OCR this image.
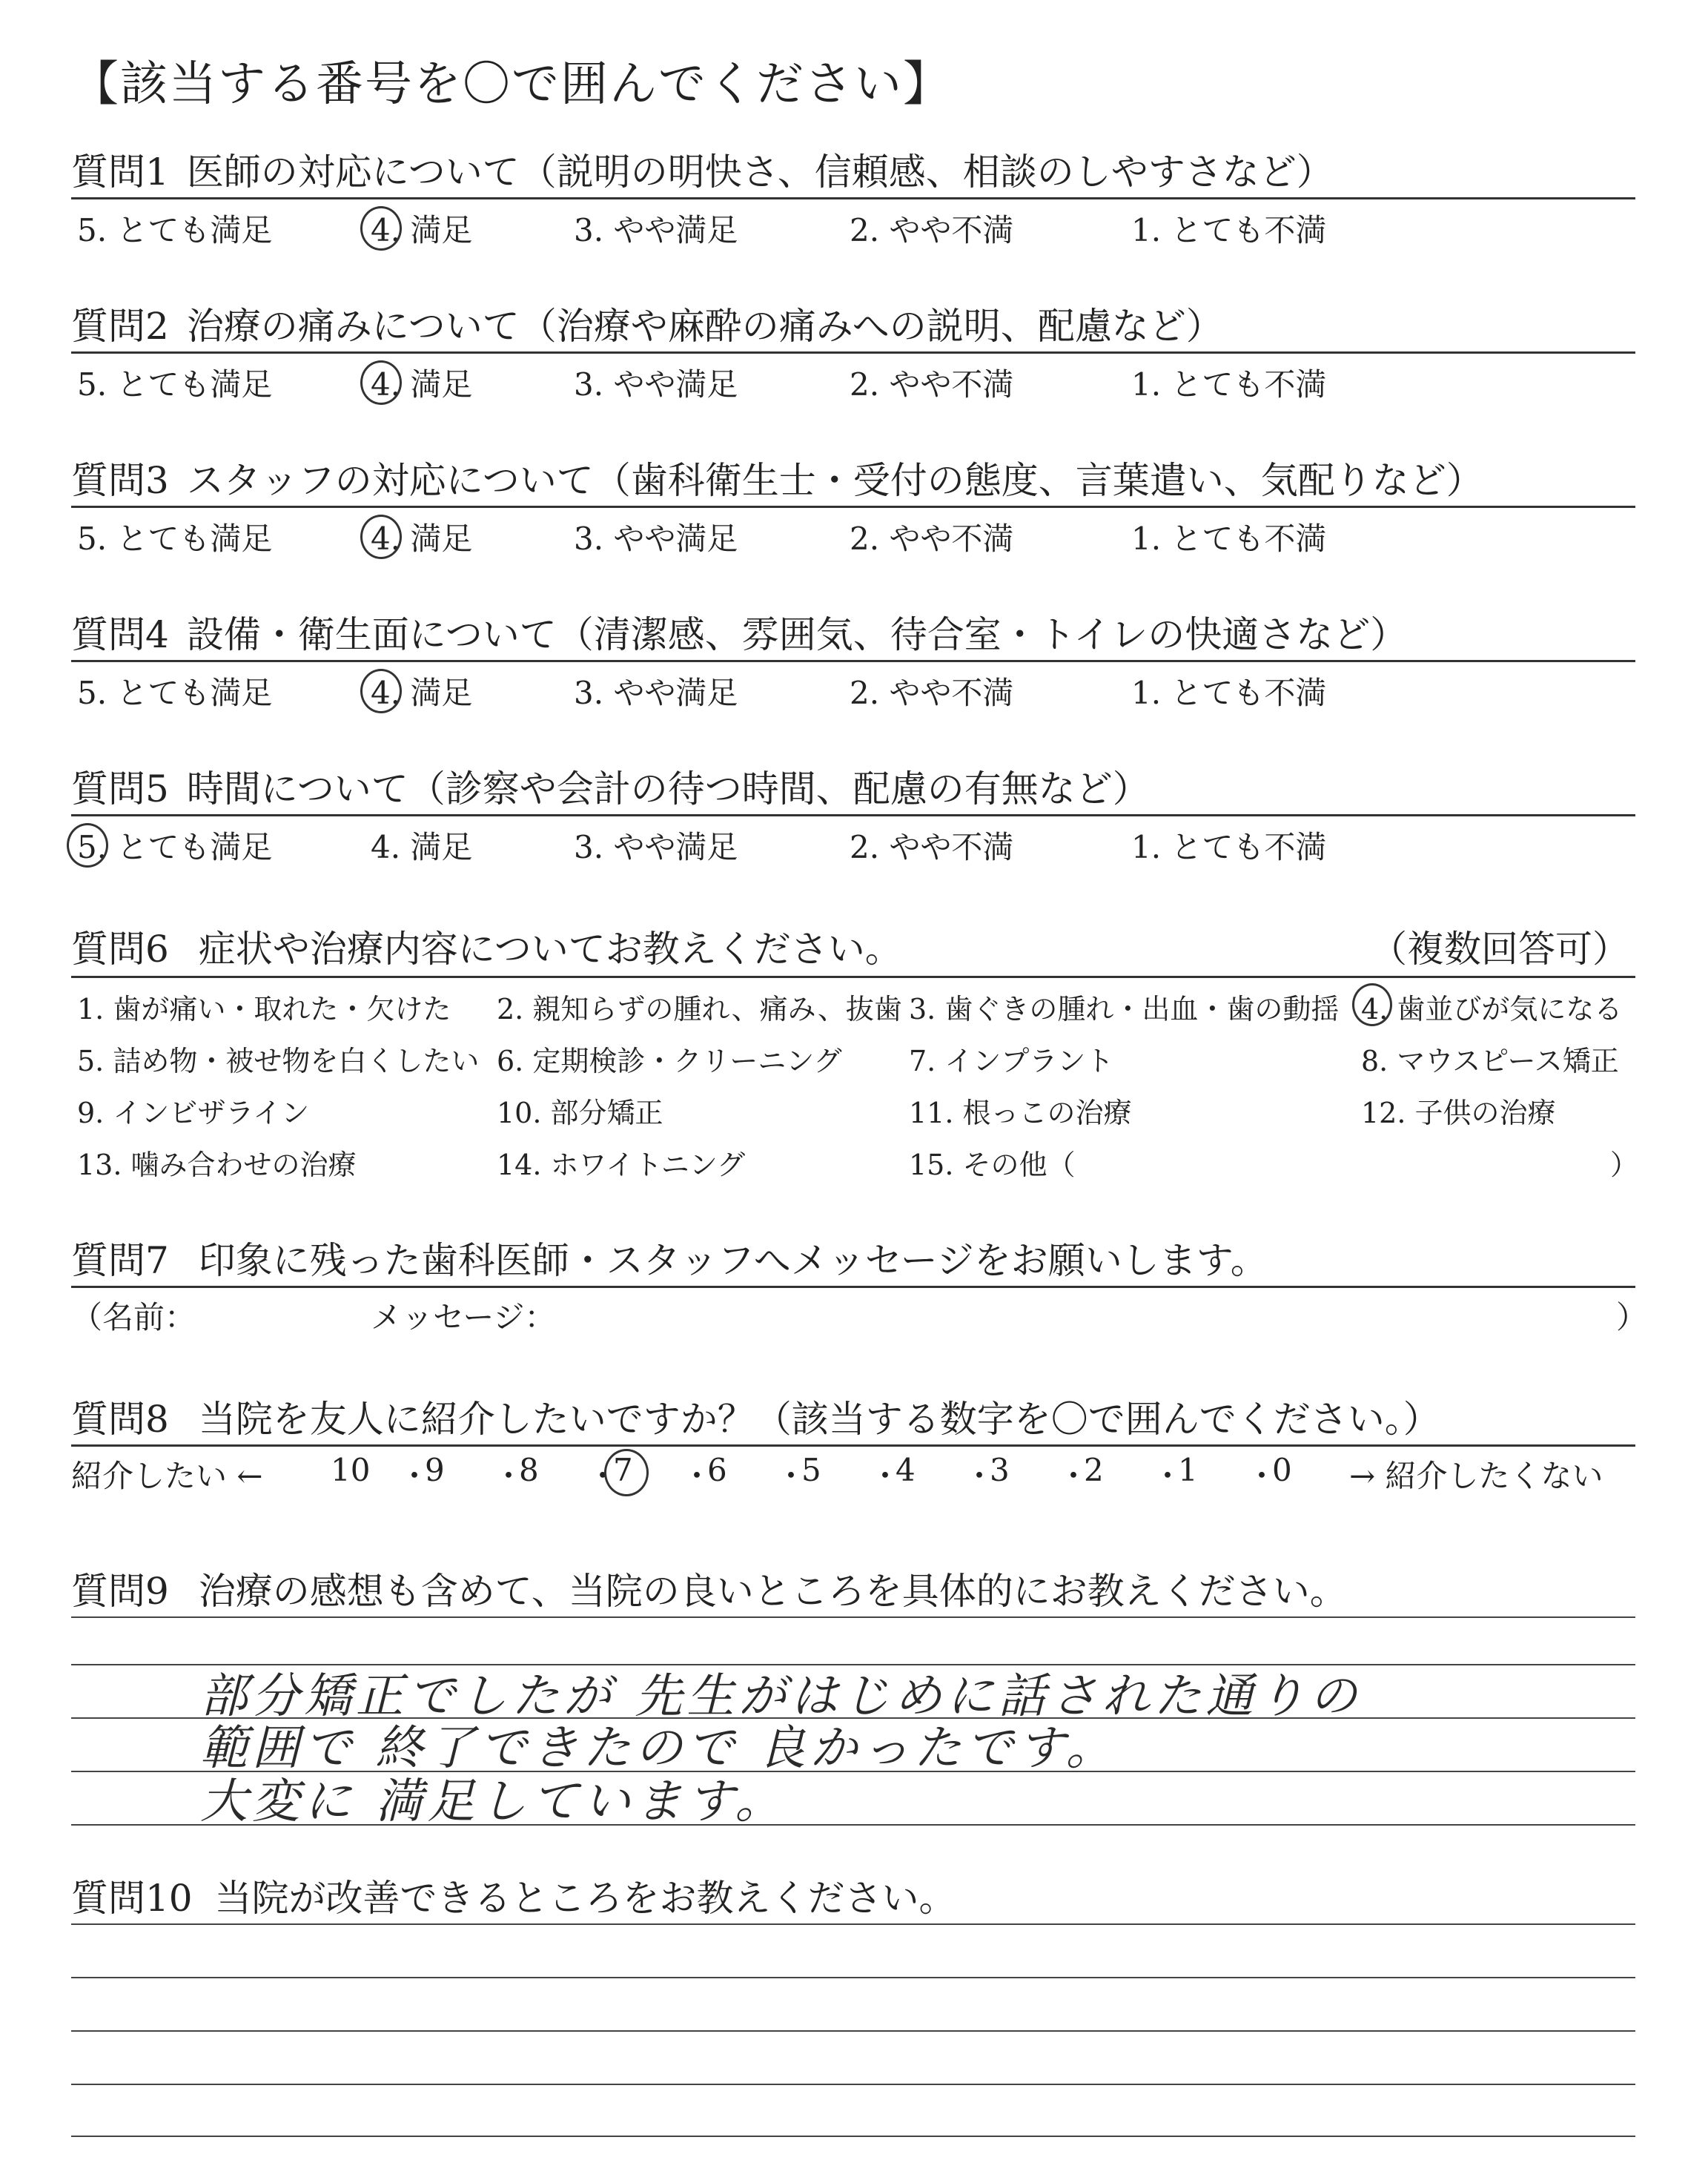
【該当する番号を〇で囲んでください】
質問1 医師の対応について（説明の明快さ、信頼感、相談のしやすさなど）
5. とても満足	4. 満足	3. やや満足	2. やや不満	1. とても不満
質問2 治療の痛みについて（治療や麻酔の痛みへの説明、配慮など）
5. とても満足	4. 満足	3. やや満足	2. やや不満	1. とても不満
質問3 スタッフの対応について（歯科衛生士・受付の態度、言葉遣い、気配りなど）
5. とても満足	4. 満足	3. やや満足	2. やや不満	1. とても不満
質問4 設備・衛生面について（清潔感、雰囲気、待合室・トイレの快適さなど）
5. とても満足	4. 満足	3. やや満足	2. やや不満	1. とても不満
質問5 時間について（診察や会計の待つ時間、配慮の有無など）
5. とても満足	4. 満足	3. やや満足	2. やや不満	1. とても不満
質問6 症状や治療内容についてお教えください。	（複数回答可）
1. 歯が痛い・取れた・欠けた 2. 親知らずの腫れ、痛み、抜歯 3. 歯ぐきの腫れ・出血・歯の動揺 4. 歯並びが気になる
5. 詰め物・被せ物を白くしたい 6. 定期検診・クリーニング 7. インプラント	8. マウスピース矯正
9. インビザライン	10. 部分矯正	11. 根っこの治療	12. 子供の治療
13. 噛み合わせの治療	14. ホワイトニング	15. その他（	）
質問7 印象に残った歯科医師・スタッフへメッセージをお願いします。
（名前：	メッセージ：	）
質問8 当院を友人に紹介したいですか？（該当する数字を〇で囲んでください。）
紹介したい ←	→ 紹介したくない
10 ・
9 ・
8 ・
7 ・
6 ・
5 ・
4 ・
3 ・
2 ・
1 ・
0
質問9 治療の感想も含めて、当院の良いところを具体的にお教えください。
部分矯正でしたが 先生がはじめに話された通りの
範囲で 終了できたので 良かったです。
大変に 満足しています。
質問10 当院が改善できるところをお教えください。
